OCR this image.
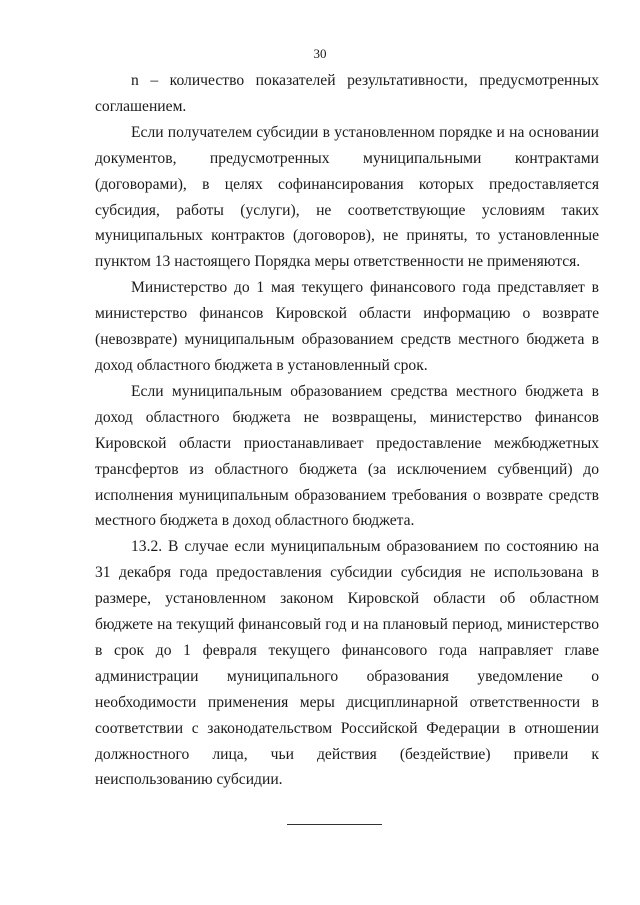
30

n – количество показателей результативности, предусмотренных соглашением.

Если получателем субсидии в установленном порядке и на основании документов, предусмотренных муниципальными контрактами (договорами), в целях софинансирования которых предоставляется субсидия, работы (услуги), не соответствующие условиям таких муниципальных контрактов (договоров), не приняты, то установленные пунктом 13 настоящего Порядка меры ответственности не применяются.

Министерство до 1 мая текущего финансового года представляет в министерство финансов Кировской области информацию о возврате (невозврате) муниципальным образованием средств местного бюджета в доход областного бюджета в установленный срок.

Если муниципальным образованием средства местного бюджета в доход областного бюджета не возвращены, министерство финансов Кировской области приостанавливает предоставление межбюджетных трансфертов из областного бюджета (за исключением субвенций) до исполнения муниципальным образованием требования о возврате средств местного бюджета в доход областного бюджета.

13.2. В случае если муниципальным образованием по состоянию на 31 декабря года предоставления субсидии субсидия не использована в размере, установленном законом Кировской области об областном бюджете на текущий финансовый год и на плановый период, министерство в срок до 1 февраля текущего финансового года направляет главе администрации муниципального образования уведомление о необходимости применения меры дисциплинарной ответственности в соответствии с законодательством Российской Федерации в отношении должностного лица, чьи действия (бездействие) привели к неиспользованию субсидии.
